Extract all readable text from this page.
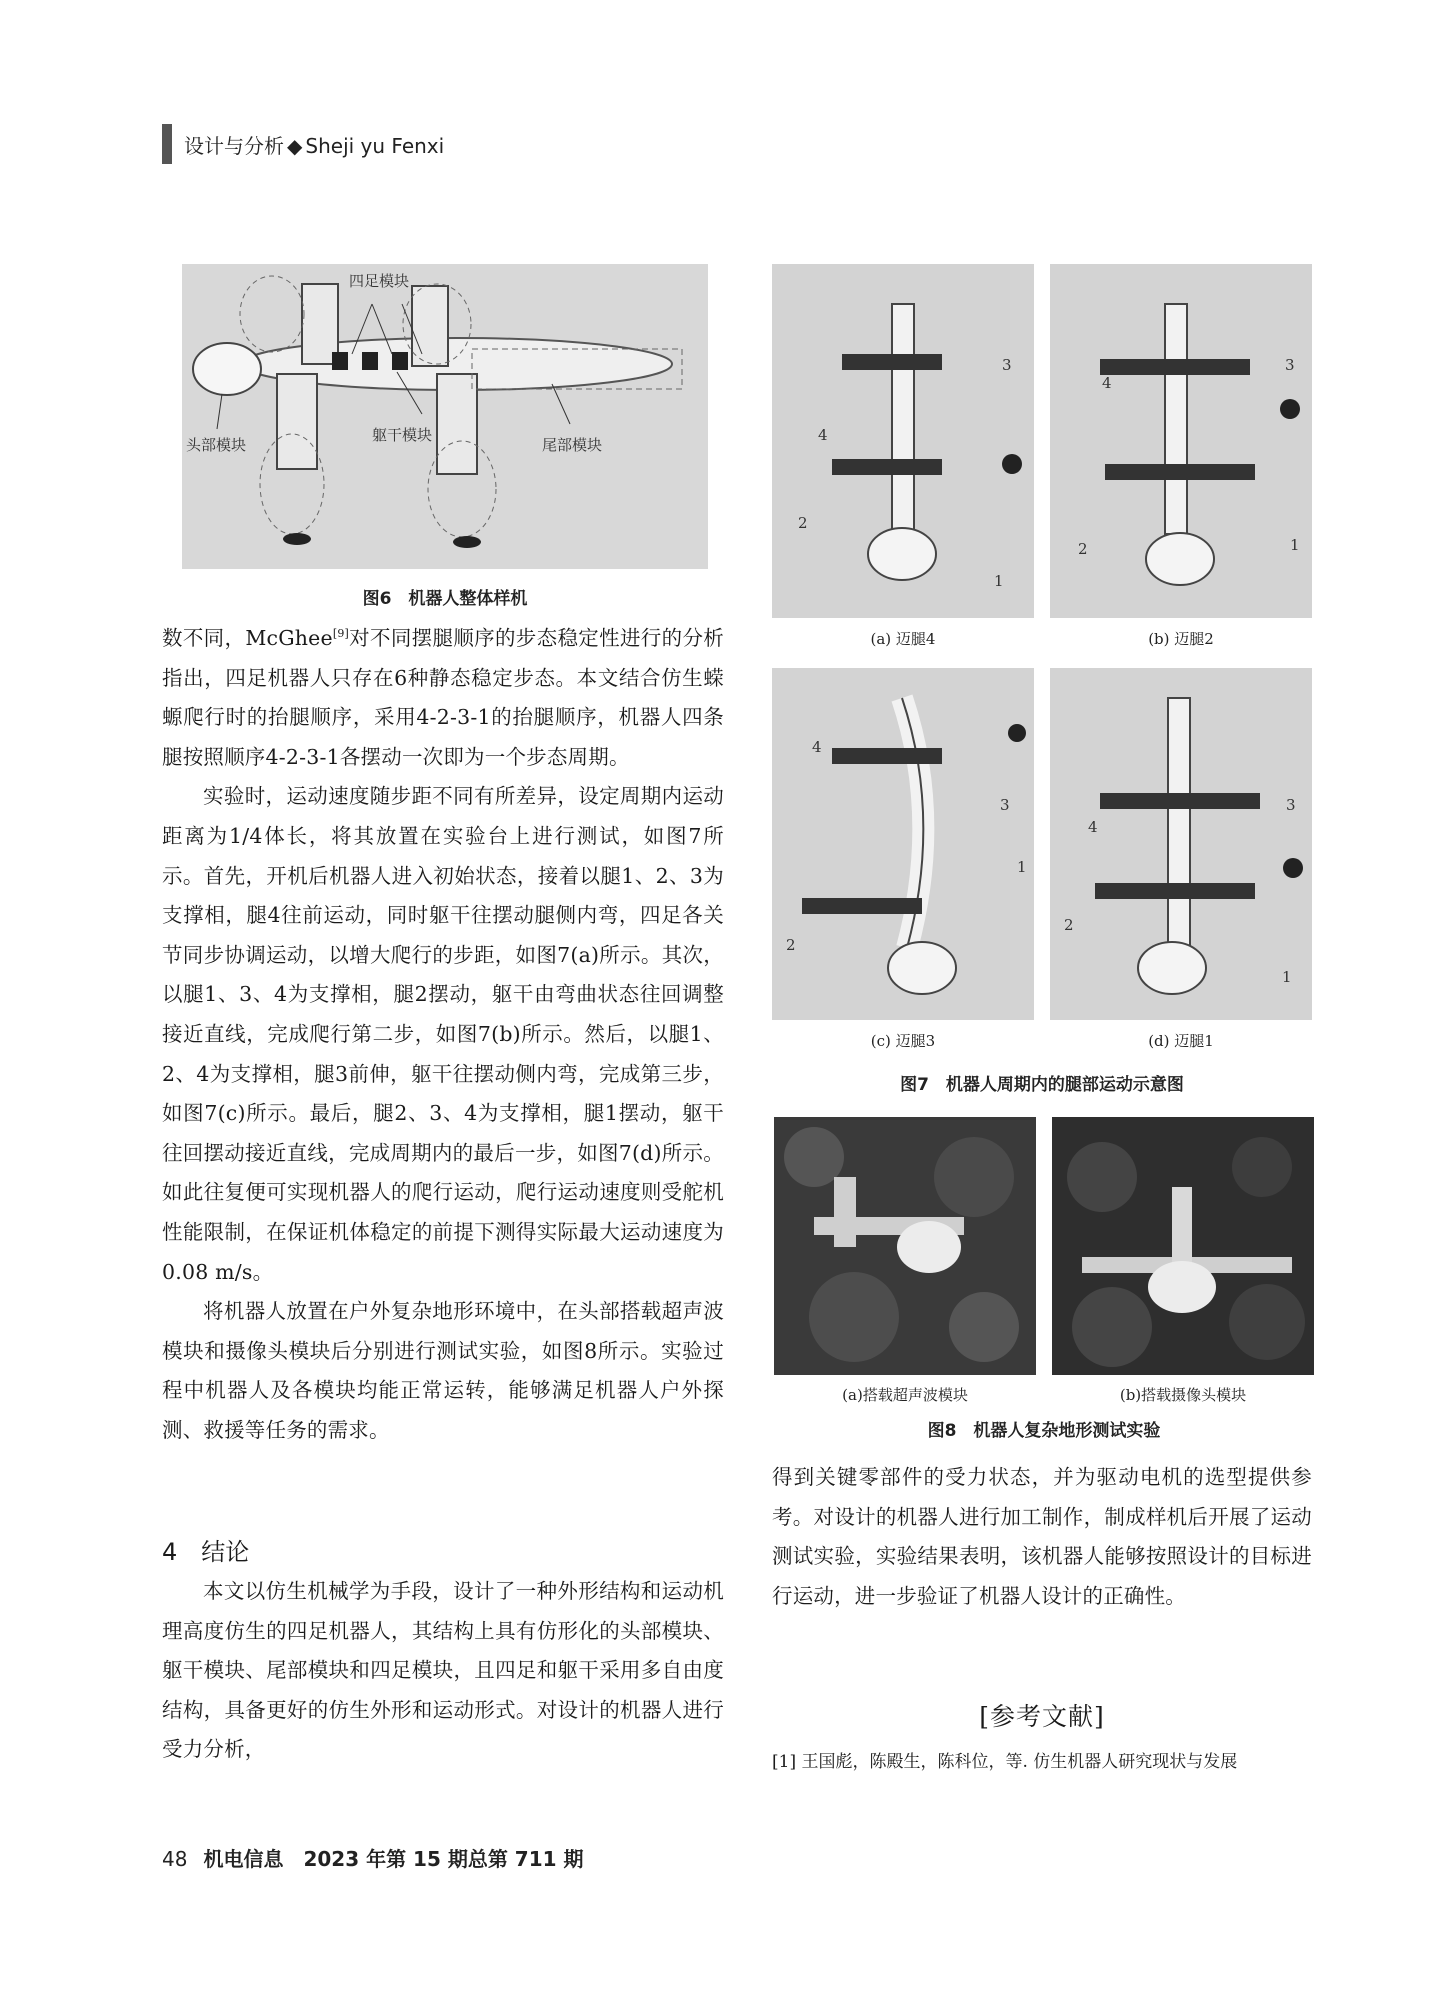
设计与分析 ◆ Sheji yu Fenxi
四足模块
头部模块
躯干模块
尾部模块
图6　机器人整体样机
3
4
2
1
4
3
2	1
(a) 迈腿4	(b) 迈腿2
4
3
1
2
3
4
2
1
(c) 迈腿3	(d) 迈腿1
图7　机器人周期内的腿部运动示意图
(a)搭载超声波模块	(b)搭载摄像头模块
图8　机器人复杂地形测试实验

数不同，McGhee[9]对不同摆腿顺序的步态稳定性进行的分析指出，四足机器人只存在6种静态稳定步态。本文结合仿生蝾螈爬行时的抬腿顺序，采用4-2-3-1的抬腿顺序，机器人四条腿按照顺序4-2-3-1各摆动一次即为一个步态周期。

实验时，运动速度随步距不同有所差异，设定周期内运动距离为1/4体长，将其放置在实验台上进行测试，如图7所示。首先，开机后机器人进入初始状态，接着以腿1、2、3为支撑相，腿4往前运动，同时躯干往摆动腿侧内弯，四足各关节同步协调运动，以增大爬行的步距，如图7(a)所示。其次，以腿1、3、4为支撑相，腿2摆动，躯干由弯曲状态往回调整接近直线，完成爬行第二步，如图7(b)所示。然后，以腿1、2、4为支撑相，腿3前伸，躯干往摆动侧内弯，完成第三步，如图7(c)所示。最后，腿2、3、4为支撑相，腿1摆动，躯干往回摆动接近直线，完成周期内的最后一步，如图7(d)所示。如此往复便可实现机器人的爬行运动，爬行运动速度则受舵机性能限制，在保证机体稳定的前提下测得实际最大运动速度为0.08 m/s。

将机器人放置在户外复杂地形环境中，在头部搭载超声波模块和摄像头模块后分别进行测试实验，如图8所示。实验过程中机器人及各模块均能正常运转，能够满足机器人户外探测、救援等任务的需求。

4　结论

本文以仿生机械学为手段，设计了一种外形结构和运动机理高度仿生的四足机器人，其结构上具有仿形化的头部模块、躯干模块、尾部模块和四足模块，且四足和躯干采用多自由度结构，具备更好的仿生外形和运动形式。对设计的机器人进行受力分析，

得到关键零部件的受力状态，并为驱动电机的选型提供参考。对设计的机器人进行加工制作，制成样机后开展了运动测试实验，实验结果表明，该机器人能够按照设计的目标进行运动，进一步验证了机器人设计的正确性。

[参考文献]
[1] 王国彪，陈殿生，陈科位，等. 仿生机器人研究现状与发展
48 机电信息　2023 年第 15 期总第 711 期
